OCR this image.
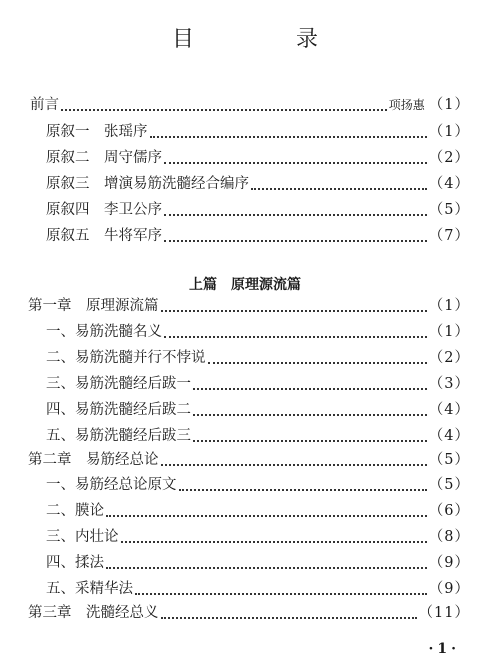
目　录
前言	项扬惠 （1）
原叙一　张瑶序	（1）
原叙二　周守儒序	（2）
原叙三　增演易筋洗髓经合编序	（4）
原叙四　李卫公序	（5）
原叙五　牛将军序	（7）
上篇　原理源流篇
第一章　原理源流篇	（1）
一、易筋洗髓名义	（1）
二、易筋洗髓并行不悖说	（2）
三、易筋洗髓经后跋一	（3）
四、易筋洗髓经后跋二	（4）
五、易筋洗髓经后跋三	（4）
第二章　易筋经总论	（5）
一、易筋经总论原文	（5）
二、膜论	（6）
三、内壮论	（8）
四、揉法	（9）
五、采精华法	（9）
第三章　洗髓经总义	（11）
·1·
